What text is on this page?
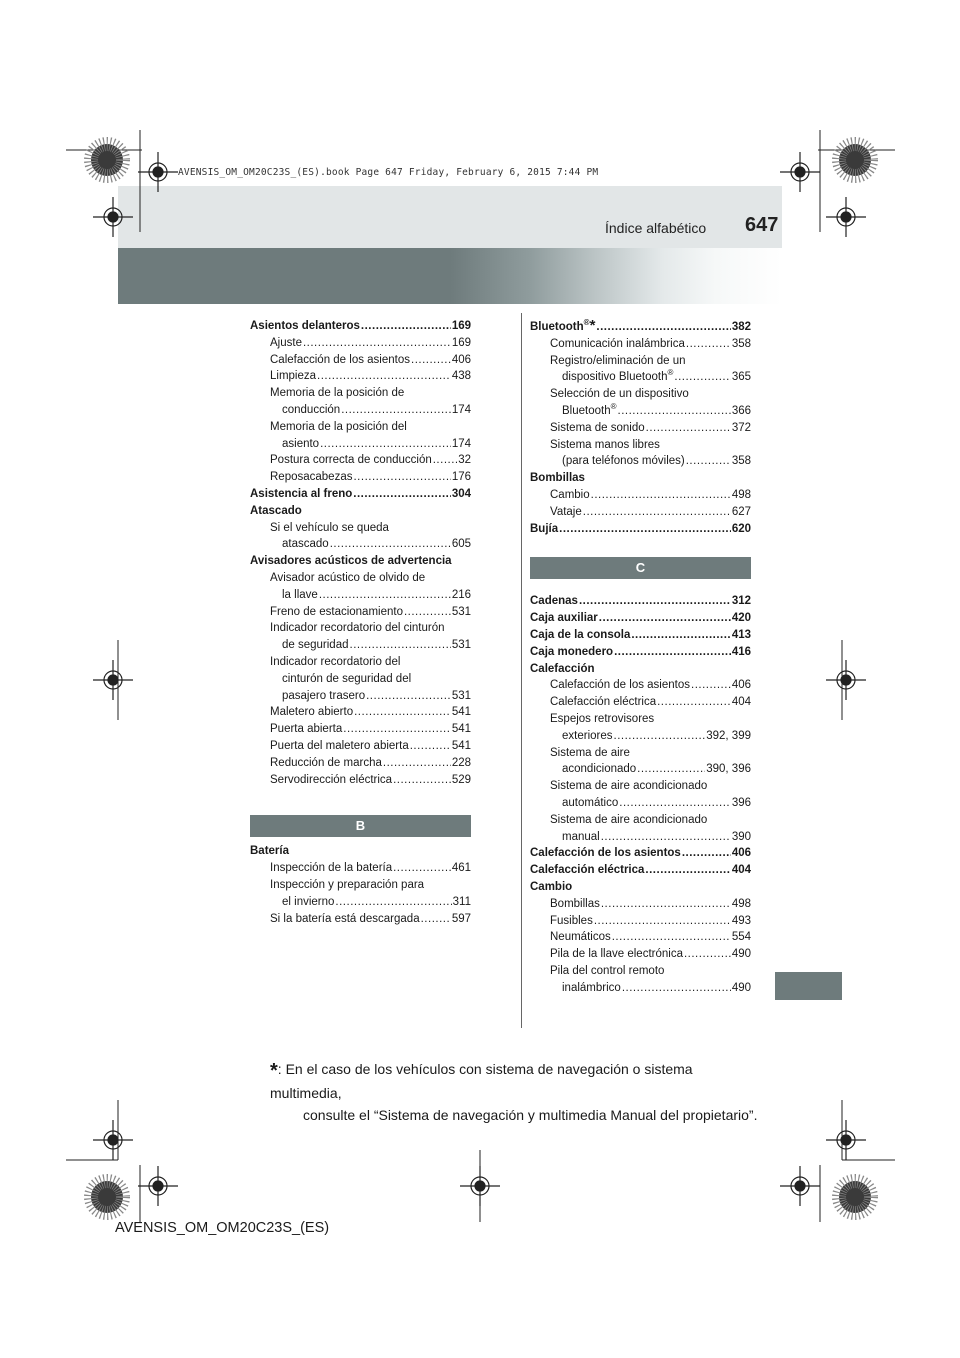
AVENSIS_OM_OM20C23S_(ES).book Page 647 Friday, February 6, 2015 7:44 PM
Índice alfabético 647
Asientos delanteros .....	169
Ajuste .....	169
Calefacción de los asientos .....	406
Limpieza .....	438
Memoria de la posición de
conducción .....	174
Memoria de la posición del
asiento .....	174
Postura correcta de conducción ..... 32
Reposacabezas .....	176
Asistencia al freno .....	304
Atascado
Si el vehículo se queda
atascado .....	605
Avisadores acústicos de advertencia
Avisador acústico de olvido de
la llave .....	216
Freno de estacionamiento .....	531
Indicador recordatorio del cinturón
de seguridad .....	531
Indicador recordatorio del
cinturón de seguridad del
pasajero trasero .....	531
Maletero abierto .....	541
Puerta abierta .....	541
Puerta del maletero abierta .....	541
Reducción de marcha .....	228
Servodirección eléctrica .....	529
B
Batería
Inspección de la batería .....	461
Inspección y preparación para
el invierno .....	311
Si la batería está descargada .....	597
Bluetooth®* .....	382
Comunicación inalámbrica .....	358
Registro/eliminación de un
dispositivo Bluetooth® .....	365
Selección de un dispositivo
Bluetooth® .....	366
Sistema de sonido .....	372
Sistema manos libres
(para teléfonos móviles) .....	358
Bombillas
Cambio .....	498
Vataje .....	627
Bujía .....	620
C
Cadenas .....	312
Caja auxiliar .....	420
Caja de la consola .....	413
Caja monedero .....	416
Calefacción
Calefacción de los asientos .....	406
Calefacción eléctrica .....	404
Espejos retrovisores
exteriores .....	392, 399
Sistema de aire
acondicionado .....	390, 396
Sistema de aire acondicionado
automático .....	396
Sistema de aire acondicionado
manual .....	390
Calefacción de los asientos .....	406
Calefacción eléctrica .....	404
Cambio
Bombillas .....	498
Fusibles .....	493
Neumáticos .....	554
Pila de la llave electrónica .....	490
Pila del control remoto
inalámbrico .....	490
*: En el caso de los vehículos con sistema de navegación o sistema multimedia,
consulte el “Sistema de navegación y multimedia Manual del propietario”.
AVENSIS_OM_OM20C23S_(ES)
